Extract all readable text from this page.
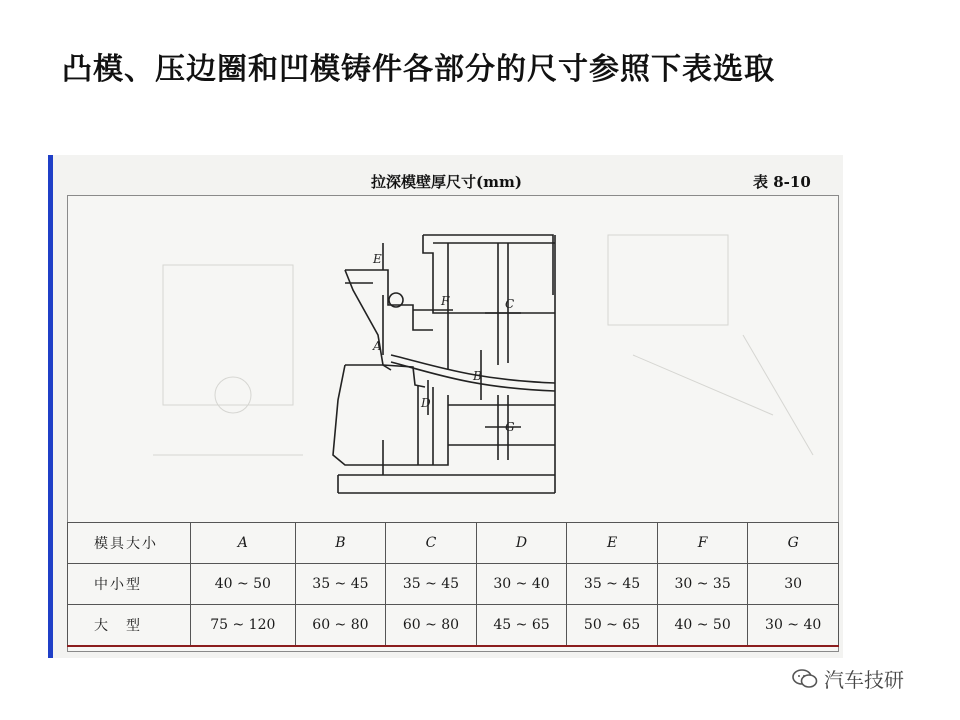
凸模、压边圈和凹模铸件各部分的尺寸参照下表选取
拉深模壁厚尺寸(mm)	表 8-10
E
A
F	C
B
D
G
模具大小	A	B	C	D	E	F	G
中小型	40 ~ 50	35 ~ 45	35 ~ 45	30 ~ 40	35 ~ 45	30 ~ 35	30
大　型	75 ~ 120	60 ~ 80	60 ~ 80	45 ~ 65	50 ~ 65	40 ~ 50	30 ~ 40
汽车技研
